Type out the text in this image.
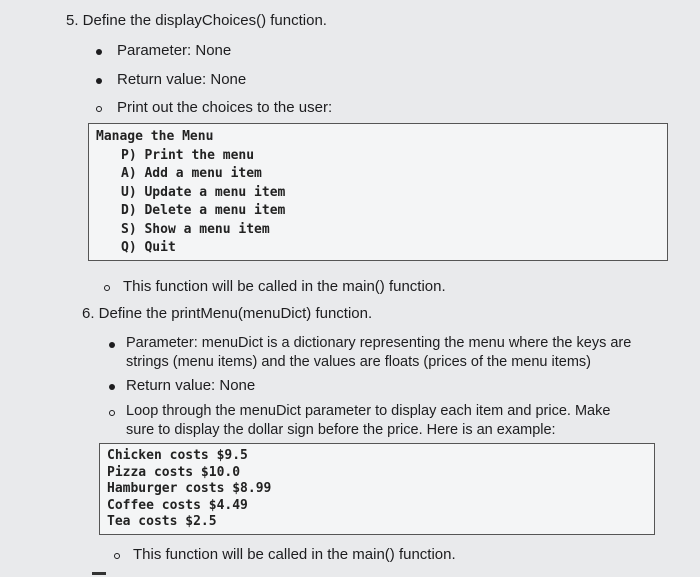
5. Define the displayChoices() function.
Parameter: None
Return value: None
Print out the choices to the user:
Manage the Menu
P) Print the menu
A) Add a menu item
U) Update a menu item
D) Delete a menu item
S) Show a menu item
Q) Quit
This function will be called in the main() function.
6. Define the printMenu(menuDict) function.
Parameter: menuDict is a dictionary representing the menu where the keys are
strings (menu items) and the values are floats (prices of the menu items)
Return value: None
Loop through the menuDict parameter to display each item and price. Make
sure to display the dollar sign before the price. Here is an example:
Chicken costs $9.5
Pizza costs $10.0
Hamburger costs $8.99
Coffee costs $4.49
Tea costs $2.5
This function will be called in the main() function.
